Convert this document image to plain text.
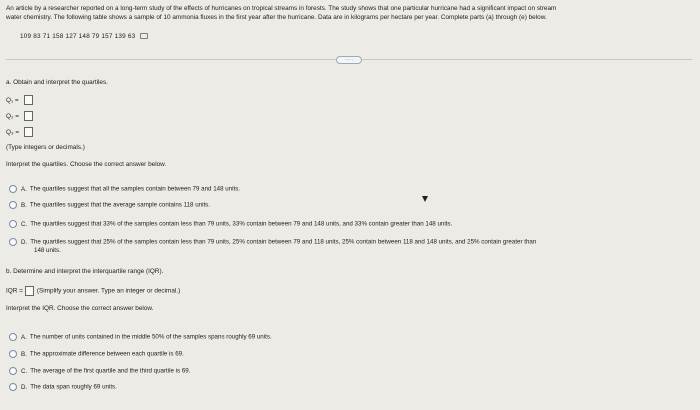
An article by a researcher reported on a long-term study of the effects of hurricanes on tropical streams in forests. The study shows that one particular hurricane had a significant impact on stream
water chemistry. The following table shows a sample of 10 ammonia fluxes in the first year after the hurricane. Data are in kilograms per hectare per year. Complete parts (a) through (e) below.
109 83 71 158 127 148 79 157 139 63
·····
a. Obtain and interpret the quartiles.
Q₁ =
Q₂ =
Q₃ =
(Type integers or decimals.)
Interpret the quartiles. Choose the correct answer below.
A. The quartiles suggest that all the samples contain between 79 and 148 units.
B. The quartiles suggest that the average sample contains 118 units.
C. The quartiles suggest that 33% of the samples contain less than 79 units, 33% contain between 79 and 148 units, and 33% contain greater than 148 units.
D. The quartiles suggest that 25% of the samples contain less than 79 units, 25% contain between 79 and 118 units, 25% contain between 118 and 148 units, and 25% contain greater than
148 units.
b. Determine and interpret the interquartile range (IQR).
IQR = (Simplify your answer. Type an integer or decimal.)
Interpret the IQR. Choose the correct answer below.
A. The number of units contained in the middle 50% of the samples spans roughly 69 units.
B. The approximate difference between each quartile is 69.
C. The average of the first quartile and the third quartile is 69.
D. The data span roughly 69 units.
